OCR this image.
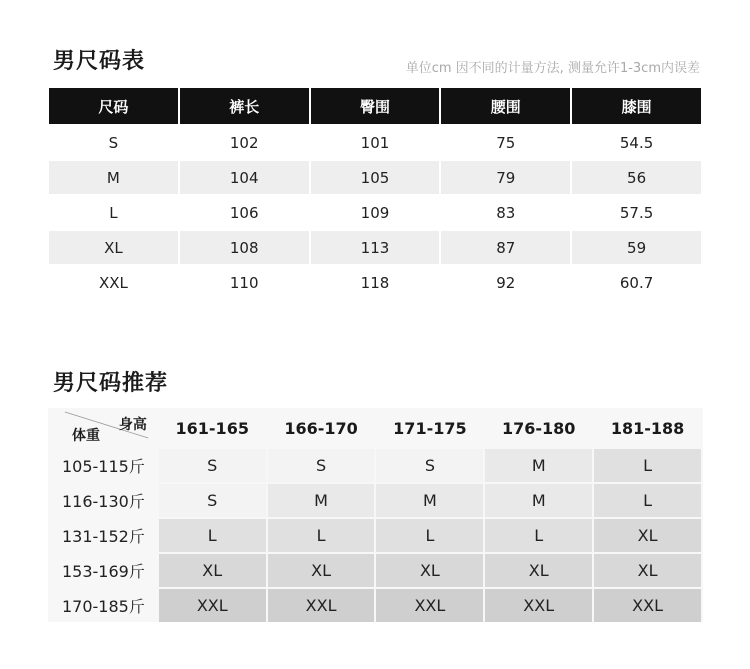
男尺码表	单位cm 因不同的计量方法, 测量允许1-3cm内误差
尺码	裤长	臀围	腰围	膝围
S	102	101	75	54.5
M	104	105	79	56
L	106	109	83	57.5
XL	108	113	87	59
XXL	110	118	92	60.7
男尺码推荐
身高
体重	161-165	166-170	171-175	176-180	181-188
105-115斤	S	S	S	M	L
116-130斤	S	M	M	M	L
131-152斤	L	L	L	L	XL
153-169斤	XL	XL	XL	XL	XL
170-185斤	XXL	XXL	XXL	XXL	XXL
